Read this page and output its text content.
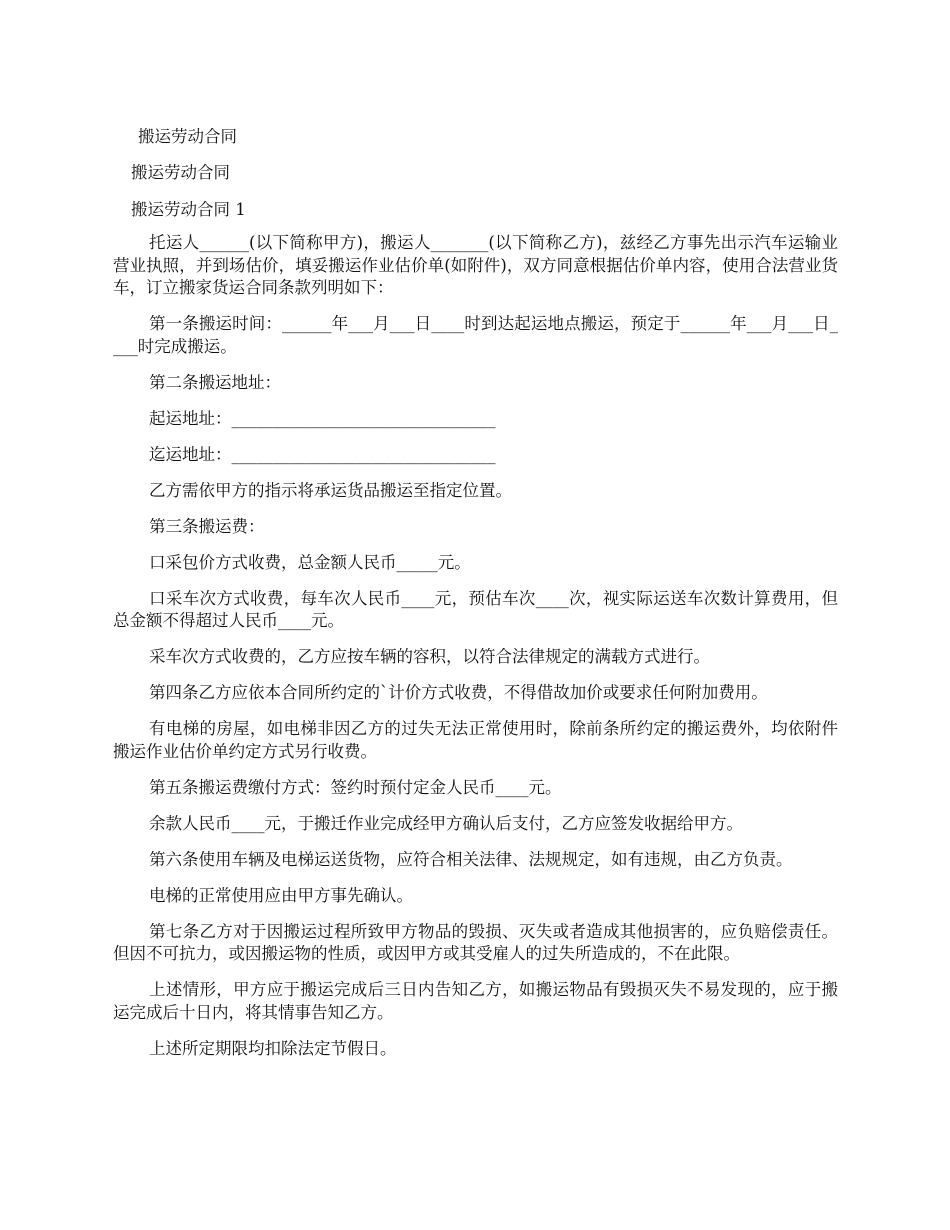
搬运劳动合同
搬运劳动合同
搬运劳动合同 1

托运人______(以下简称甲方)，搬运人_______(以下简称乙方)，兹经乙方事先出示汽车运输业营业执照，并到场估价，填妥搬运作业估价单(如附件)，双方同意根据估价单内容，使用合法营业货车，订立搬家货运合同条款列明如下：

第一条搬运时间：______年___月___日____时到达起运地点搬运，预定于______年___月___日____时完成搬运。

第二条搬运地址：

起运地址：________________________________

迄运地址：________________________________

乙方需依甲方的指示将承运货品搬运至指定位置。

第三条搬运费：

口采包价方式收费，总金额人民币_____元。

口采车次方式收费，每车次人民币____元，预估车次____次，视实际运送车次数计算费用，但总金额不得超过人民币____元。

采车次方式收费的，乙方应按车辆的容积，以符合法律规定的满载方式进行。

第四条乙方应依本合同所约定的`计价方式收费，不得借故加价或要求任何附加费用。

有电梯的房屋，如电梯非因乙方的过失无法正常使用时，除前条所约定的搬运费外，均依附件搬运作业估价单约定方式另行收费。

第五条搬运费缴付方式：签约时预付定金人民币____元。

余款人民币____元，于搬迁作业完成经甲方确认后支付，乙方应签发收据给甲方。

第六条使用车辆及电梯运送货物，应符合相关法律、法规规定，如有违规，由乙方负责。

电梯的正常使用应由甲方事先确认。

第七条乙方对于因搬运过程所致甲方物品的毁损、灭失或者造成其他损害的，应负赔偿责任。但因不可抗力，或因搬运物的性质，或因甲方或其受雇人的过失所造成的，不在此限。

上述情形，甲方应于搬运完成后三日内告知乙方，如搬运物品有毁损灭失不易发现的，应于搬运完成后十日内，将其情事告知乙方。

上述所定期限均扣除法定节假日。
